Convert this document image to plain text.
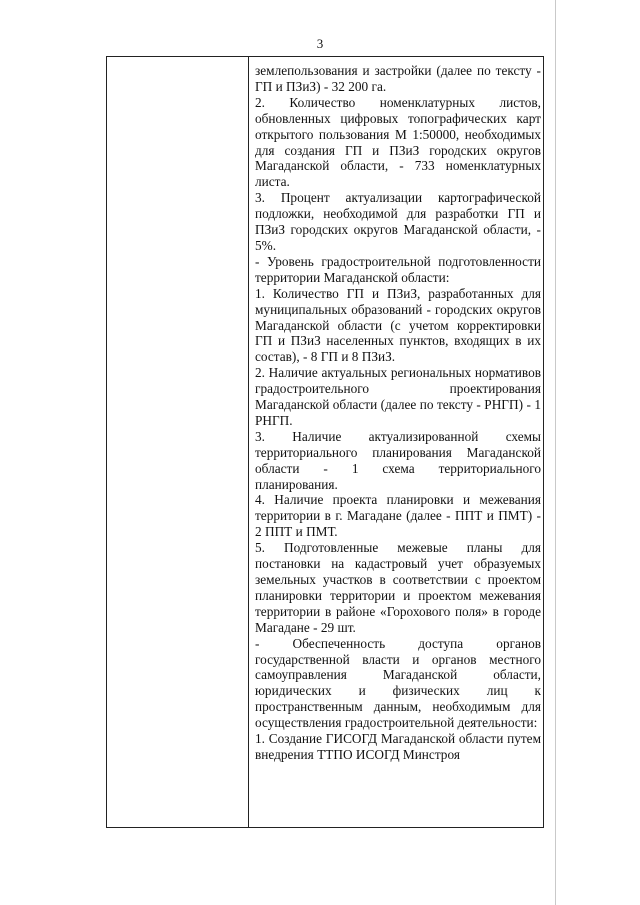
3

землепользования и застройки (далее по тексту - ГП и ПЗиЗ) - 32 200 га.

2. Количество номенклатурных листов, обновленных цифровых топографических карт открытого пользования М 1:50000, необходимых для создания ГП и ПЗиЗ городских округов Магаданской области, - 733 номенклатурных листа.

3. Процент актуализации картографической подложки, необходимой для разработки ГП и ПЗиЗ городских округов Магаданской области, - 5%.

- Уровень градостроительной подготовленности территории Магаданской области:

1. Количество ГП и ПЗиЗ, разработанных для муниципальных образований - городских округов Магаданской области (с учетом корректировки ГП и ПЗиЗ населенных пунктов, входящих в их состав), - 8 ГП и 8 ПЗиЗ.

2. Наличие актуальных региональных нормативов градостроительного проектирования Магаданской области (далее по тексту - РНГП) - 1 РНГП.

3. Наличие актуализированной схемы территориального планирования Магаданской области - 1 схема территориального планирования.

4. Наличие проекта планировки и межевания территории в г. Магадане (далее - ППТ и ПМТ) - 2 ППТ и ПМТ.

5. Подготовленные межевые планы для постановки на кадастровый учет образуемых земельных участков в соответствии с проектом планировки территории и проектом межевания территории в районе «Горохового поля» в городе Магадане - 29 шт.

- Обеспеченность доступа органов государственной власти и органов местного самоуправления Магаданской области, юридических и физических лиц к пространственным данным, необходимым для осуществления градостроительной деятельности:

1. Создание ГИСОГД Магаданской области путем внедрения ТТПО ИСОГД Минстроя
